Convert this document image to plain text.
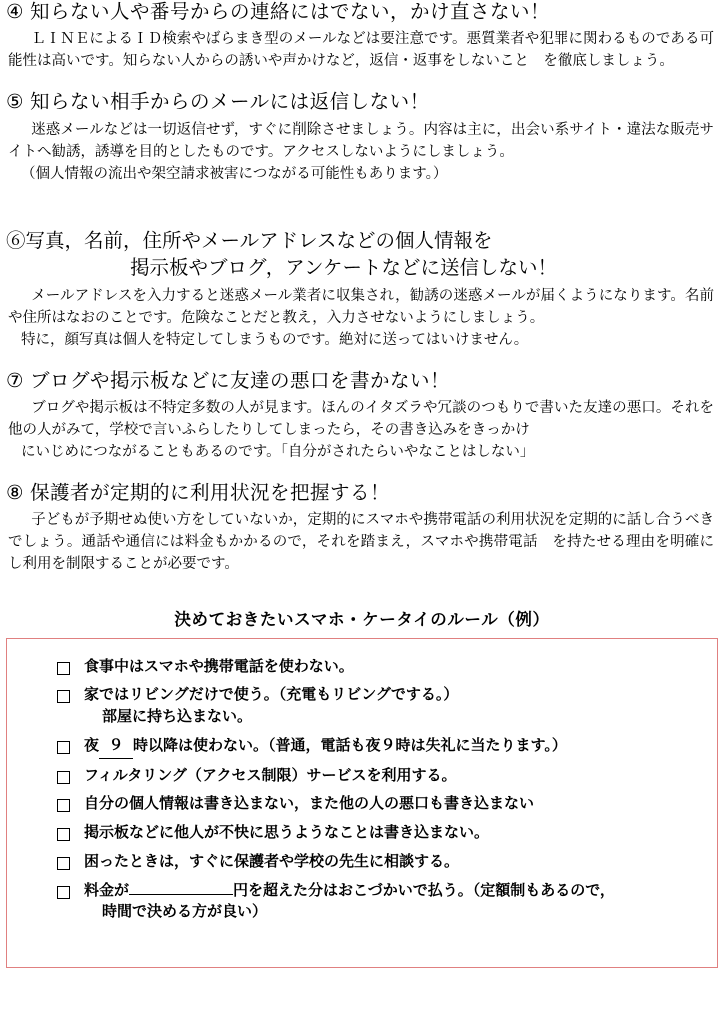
④ 知らない人や番号からの連絡にはでない，かけ直さない！

ＬＩＮＥによるＩＤ検索やばらまき型のメールなどは要注意です。悪質業者や犯罪に関わるものである可能性は高いです。知らない人からの誘いや声かけなど，返信・返事をしないこと　を徹底しましょう。

⑤ 知らない相手からのメールには返信しない！

迷惑メールなどは一切返信せず，すぐに削除させましょう。内容は主に，出会い系サイト・違法な販売サイトへ勧誘，誘導を目的としたものです。アクセスしないようにしましょう。

（個人情報の流出や架空請求被害につながる可能性もあります。）

⑥写真，名前，住所やメールアドレスなどの個人情報を
掲示板やブログ，アンケートなどに送信しない！

メールアドレスを入力すると迷惑メール業者に収集され，勧誘の迷惑メールが届くようになります。名前や住所はなおのことです。危険なことだと教え，入力させないようにしましょう。

特に，顔写真は個人を特定してしまうものです。絶対に送ってはいけません。

⑦ ブログや掲示板などに友達の悪口を書かない！

ブログや掲示板は不特定多数の人が見ます。ほんのイタズラや冗談のつもりで書いた友達の悪口。それを他の人がみて，学校で言いふらしたりしてしまったら，その書き込みをきっかけ

にいじめにつながることもあるのです。「自分がされたらいやなことはしない」

⑧ 保護者が定期的に利用状況を把握する！

子どもが予期せぬ使い方をしていないか，定期的にスマホや携帯電話の利用状況を定期的に話し合うべきでしょう。通話や通信には料金もかかるので，それを踏まえ，スマホや携帯電話　を持たせる理由を明確にし利用を制限することが必要です。

決めておきたいスマホ・ケータイのルール（例）
食事中はスマホや携帯電話を使わない。
家ではリビングだけで使う。（充電もリビングでする。）
部屋に持ち込まない。
夜 ９ 時以降は使わない。（普通，電話も夜９時は失礼に当たります。）
フィルタリング（アクセス制限）サービスを利用する。
自分の個人情報は書き込まない，また他の人の悪口も書き込まない
掲示板などに他人が不快に思うようなことは書き込まない。
困ったときは，すぐに保護者や学校の先生に相談する。
料金が	円を超えた分はおこづかいで払う。（定額制もあるので，
時間で決める方が良い）
